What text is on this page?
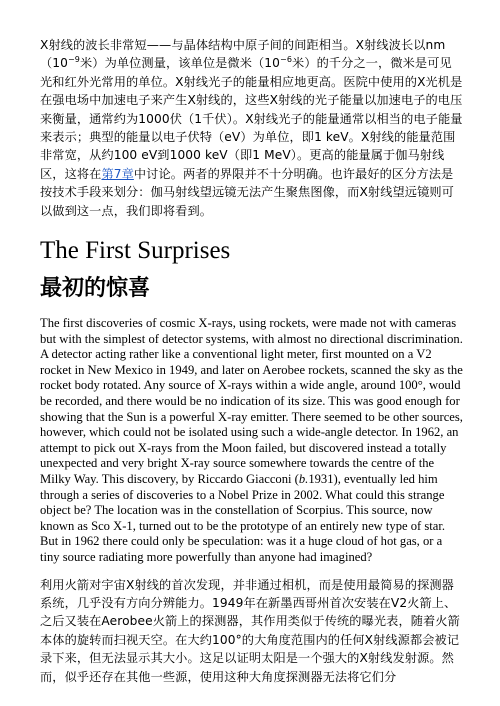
X射线的波长非常短——与晶体结构中原子间的间距相当。X射线波长以$nm(10^{-9}$米）为单位测量，该单位是微米（$10^{-6}$米）的千分之一，微米是可见光和红外光常用的单位。X射线光子的能量相应地更高。医院中使用的X光机是在强电场中加速电子来产生X射线的，这些X射线的光子能量以加速电子的电压来衡量，通常约为1000伏（1千伏）。X射线光子的能量通常以相当的电子能量来表示；典型的能量以电子伏特（eV）为单位，即1 keV。X射线的能量范围非常宽，从约100 eV到1000 keV（即1 MeV）。更高的能量属于伽马射线区，这将在第7章中讨论。两者的界限并不十分明确。也许最好的区分方法是按技术手段来划分：伽马射线望远镜无法产生聚焦图像，而X射线望远镜则可以做到这一点，我们即将看到。

The First Surprises
最初的惊喜

The first discoveries of cosmic X-rays, using rockets, were made not with cameras but with the simplest of detector systems, with almost no directional discrimination. A detector acting rather like a conventional light meter, first mounted on a V2 rocket in New Mexico in 1949, and later on Aerobee rockets, scanned the sky as the rocket body rotated. Any source of X-rays within a wide angle, around 100°, would be recorded, and there would be no indication of its size. This was good enough for showing that the Sun is a powerful X-ray emitter. There seemed to be other sources, however, which could not be isolated using such a wide-angle detector. In 1962, an attempt to pick out X-rays from the Moon failed, but discovered instead a totally unexpected and very bright X-ray source somewhere towards the centre of the Milky Way. This discovery, by Riccardo Giacconi (b.1931), eventually led him through a series of discoveries to a Nobel Prize in 2002. What could this strange object be? The location was in the constellation of Scorpius. This source, now known as Sco X-1, turned out to be the prototype of an entirely new type of star. But in 1962 there could only be speculation: was it a huge cloud of hot gas, or a tiny source radiating more powerfully than anyone had imagined?

利用火箭对宇宙X射线的首次发现，并非通过相机，而是使用最简易的探测器系统，几乎没有方向分辨能力。1949年在新墨西哥州首次安装在V2火箭上、之后又装在Aerobee火箭上的探测器，其作用类似于传统的曝光表，随着火箭本体的旋转而扫视天空。在大约100°的大角度范围内的任何X射线源都会被记录下来，但无法显示其大小。这足以证明太阳是一个强大的X射线发射源。然而，似乎还存在其他一些源，使用这种大角度探测器无法将它们分
